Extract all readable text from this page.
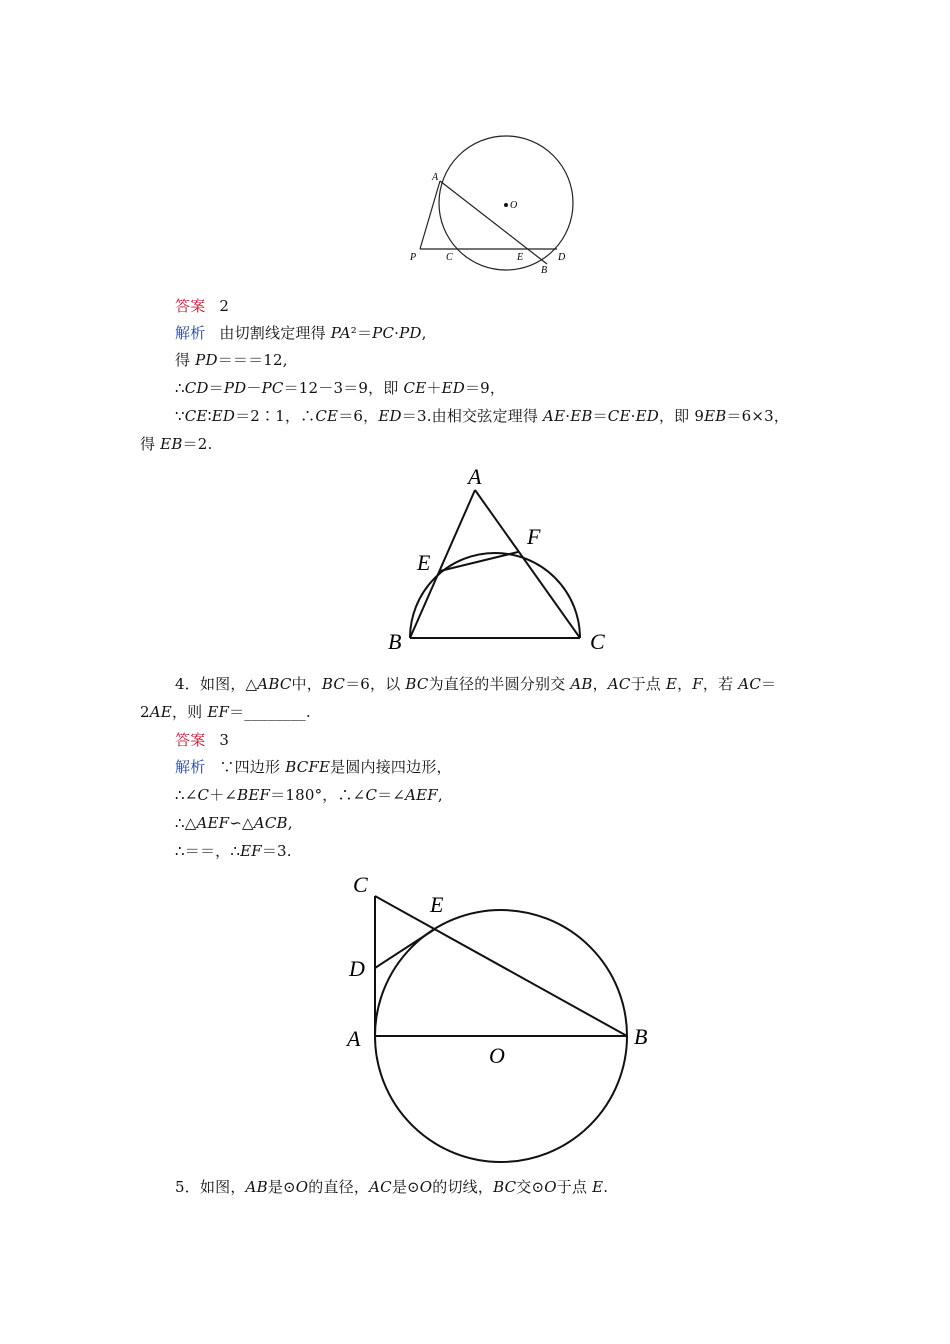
A
O
P	C	E
B
D
答案 2
解析 由切割线定理得 PA²＝PC·PD,
得 PD＝＝＝12,
∴CD＝PD－PC＝12－3＝9，即 CE＋ED＝9，
∵CE∶ED＝2∶1，∴CE＝6，ED＝3.由相交弦定理得 AE·EB＝CE·ED，即 9EB＝6×3，
得 EB＝2.
A
E
F
B	C
4．如图，△ABC中，BC＝6，以 BC为直径的半圆分别交 AB，AC于点 E，F，若 AC＝
2AE，则 EF＝________.
答案 3
解析 ∵四边形 BCFE是圆内接四边形，
∴∠C＋∠BEF＝180°，∴∠C＝∠AEF,
∴△AEF∽△ACB,
∴＝＝，∴EF＝3.
C
E
D
A	B
O
5．如图，AB是⊙O的直径，AC是⊙O的切线，BC交⊙O于点 E.
